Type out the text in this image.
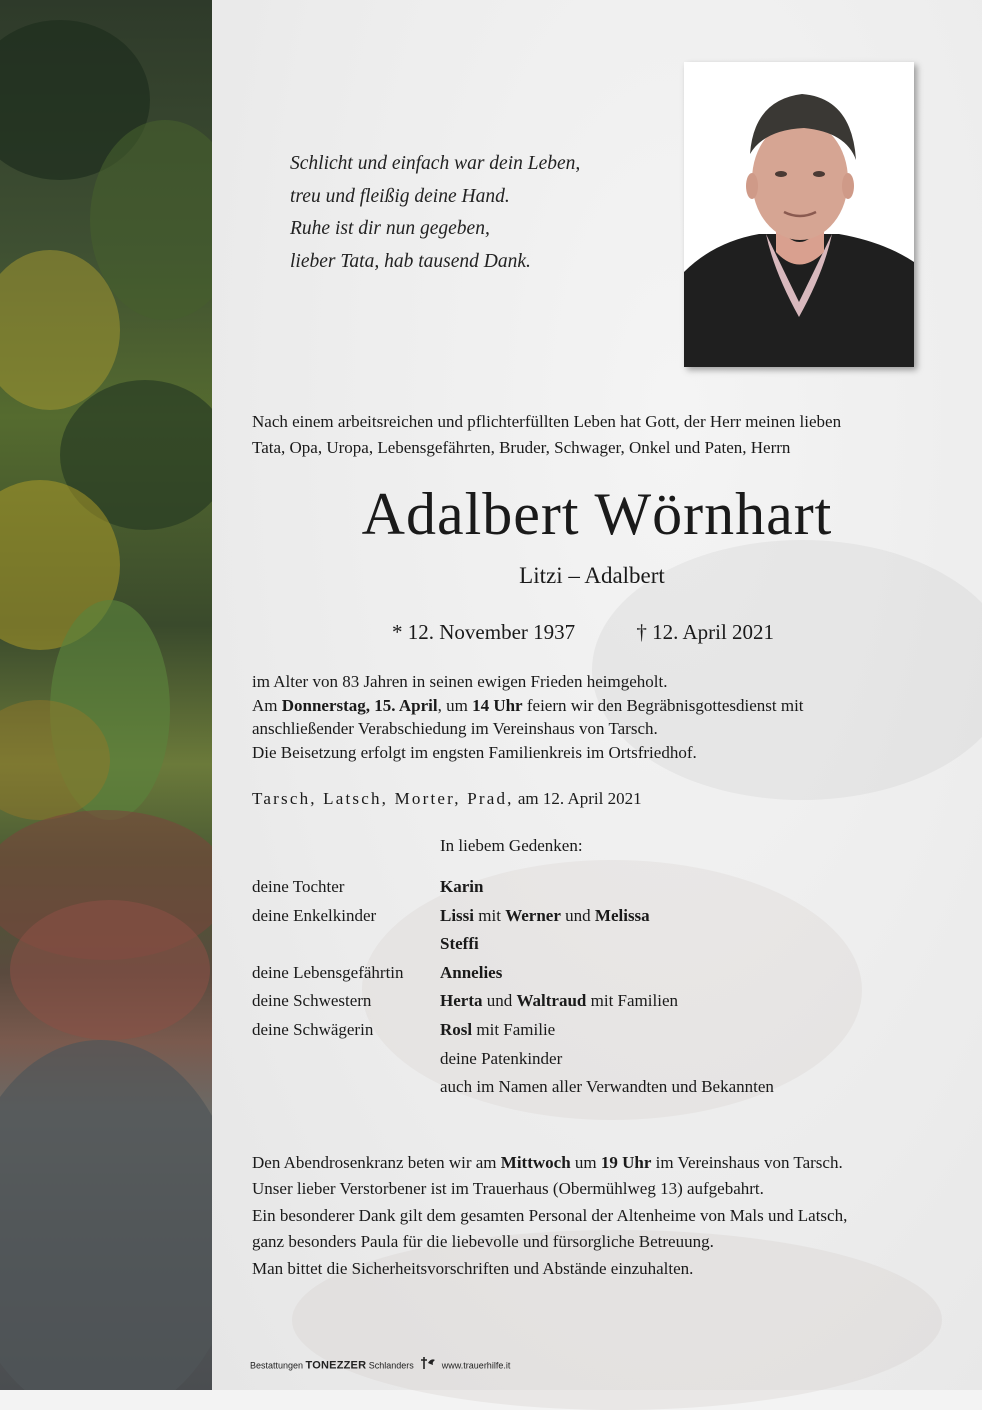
Schlicht und einfach war dein Leben,
treu und fleißig deine Hand.
Ruhe ist dir nun gegeben,
lieber Tata, hab tausend Dank.
Nach einem arbeitsreichen und pflichterfüllten Leben hat Gott, der Herr meinen lieben
Tata, Opa, Uropa, Lebensgefährten, Bruder, Schwager, Onkel und Paten, Herrn
Adalbert Wörnhart
Litzi – Adalbert
* 12. November 1937	† 12. April 2021
im Alter von 83 Jahren in seinen ewigen Frieden heimgeholt.
Am Donnerstag, 15. April, um 14 Uhr feiern wir den Begräbnisgottesdienst mit
anschließender Verabschiedung im Vereinshaus von Tarsch.
Die Beisetzung erfolgt im engsten Familienkreis im Ortsfriedhof.
Tarsch, Latsch, Morter, Prad, am 12. April 2021
In liebem Gedenken:
deine Tochter	Karin
deine Enkelkinder	Lissi mit Werner und Melissa
Steffi
deine Lebensgefährtin Annelies
deine Schwestern	Herta und Waltraud mit Familien
deine Schwägerin	Rosl mit Familie
deine Patenkinder
auch im Namen aller Verwandten und Bekannten
Den Abendrosenkranz beten wir am Mittwoch um 19 Uhr im Vereinshaus von Tarsch.
Unser lieber Verstorbener ist im Trauerhaus (Obermühlweg 13) aufgebahrt.
Ein besonderer Dank gilt dem gesamten Personal der Altenheime von Mals und Latsch,
ganz besonders Paula für die liebevolle und fürsorgliche Betreuung.
Man bittet die Sicherheitsvorschriften und Abstände einzuhalten.
Bestattungen TONEZZER Schlanders	www.trauerhilfe.it
